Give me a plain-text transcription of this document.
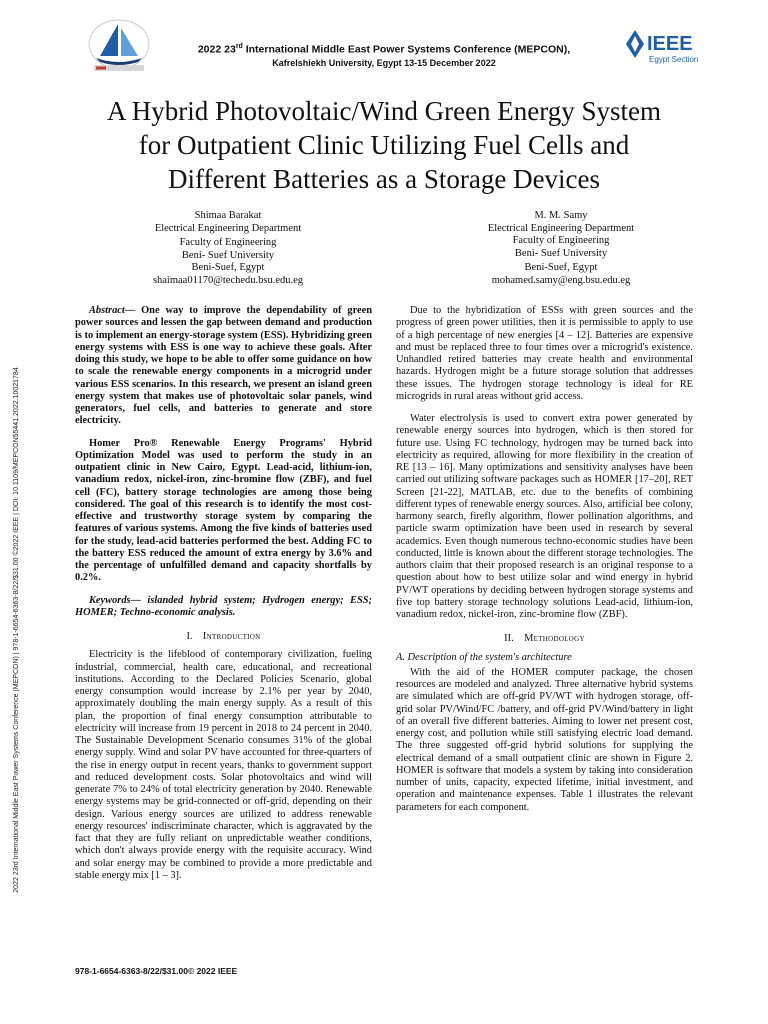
IEEE
Egypt Section
2022 23rd International Middle East Power Systems Conference (MEPCON),
Kafrelshiekh University, Egypt 13-15 December 2022
A Hybrid Photovoltaic/Wind Green Energy System
for Outpatient Clinic Utilizing Fuel Cells and
Different Batteries as a Storage Devices
Shimaa Barakat
Electrical Engineering Department
Faculty of Engineering
Beni- Suef University
Beni-Suef, Egypt
shaimaa01170@techedu.bsu.edu.eg
M. M. Samy
Electrical Engineering Department
Faculty of Engineering
Beni- Suef University
Beni-Suef, Egypt
mohamed.samy@eng.bsu.edu.eg
2022 23rd International Middle East Power Systems Conference (MEPCON) | 978-1-6654-6363-8/22/$31.00 ©2022 IEEE | DOI: 10.1109/MEPCON55441.2022.10021784

Abstract— One way to improve the dependability of green power sources and lessen the gap between demand and production is to implement an energy-storage system (ESS). Hybridizing green energy systems with ESS is one way to achieve these goals. After doing this study, we hope to be able to offer some guidance on how to scale the renewable energy components in a microgrid under various ESS scenarios. In this research, we present an island green energy system that makes use of photovoltaic solar panels, wind generators, fuel cells, and batteries to generate and store electricity.

Homer Pro® Renewable Energy Programs' Hybrid Optimization Model was used to perform the study in an outpatient clinic in New Cairo, Egypt. Lead-acid, lithium-ion, vanadium redox, nickel-iron, zinc-bromine flow (ZBF), and fuel cell (FC), battery storage technologies are among those being considered. The goal of this research is to identify the most cost-effective and trustworthy storage system by comparing the features of various systems. Among the five kinds of batteries used for the study, lead-acid batteries performed the best. Adding FC to the battery ESS reduced the amount of extra energy by 3.6% and the percentage of unfulfilled demand and capacity shortfalls by 0.2%.

Keywords— islanded hybrid system; Hydrogen energy; ESS; HOMER; Techno-economic analysis.

I. Introduction

Electricity is the lifeblood of contemporary civilization, fueling industrial, commercial, health care, educational, and recreational institutions. According to the Declared Policies Scenario, global energy consumption would increase by 2.1% per year by 2040, approximately doubling the main energy supply. As a result of this plan, the proportion of final energy consumption attributable to electricity will increase from 19 percent in 2018 to 24 percent in 2040. The Sustainable Development Scenario consumes 31% of the global energy supply. Wind and solar PV have accounted for three-quarters of the rise in energy output in recent years, thanks to government support and reduced development costs. Solar photovoltaics and wind will generate 7% to 24% of total electricity generation by 2040. Renewable energy systems may be grid-connected or off-grid, depending on their design. Various energy sources are utilized to address renewable energy resources' indiscriminate character, which is aggravated by the fact that they are fully reliant on unpredictable weather conditions, which don't always provide energy with the requisite accuracy. Wind and solar energy may be combined to provide a more predictable and stable energy mix [1 – 3].

Due to the hybridization of ESSs with green sources and the progress of green power utilities, then it is permissible to apply to use of a high percentage of new energies [4 – 12]. Batteries are expensive and must be replaced three to four times over a microgrid's existence. Unhandled retired batteries may create health and environmental hazards. Hydrogen might be a future storage solution that addresses these issues. The hydrogen storage technology is ideal for RE microgrids in rural areas without grid access.

Water electrolysis is used to convert extra power generated by renewable energy sources into hydrogen, which is then stored for future use. Using FC technology, hydrogen may be turned back into electricity as required, allowing for more flexibility in the creation of RE [13 – 16]. Many optimizations and sensitivity analyses have been carried out utilizing software packages such as HOMER [17–20], RET Screen [21-22], MATLAB, etc. due to the benefits of combining different types of renewable energy sources. Also, artificial bee colony, harmony search, firefly algorithm, flower pollination algorithms, and particle swarm optimization have been used in research by several academics. Even though numerous techno-economic studies have been conducted, little is known about the different storage technologies. The authors claim that their proposed research is an original response to a question about how to best utilize solar and wind energy in hybrid PV/WT operations by deciding between hydrogen storage systems and five top battery storage technology solutions Lead-acid, lithium-ion, vanadium redox, nickel-iron, zinc-bromine flow (ZBF).

II. Methodology
A. Description of the system's architecture

With the aid of the HOMER computer package, the chosen resources are modeled and analyzed. Three alternative hybrid systems are simulated which are off-grid PV/WT with hydrogen storage, off-grid solar PV/Wind/FC /battery, and off-grid PV/Wind/battery in light of an overall five different batteries. Aiming to lower net present cost, energy cost, and pollution while still satisfying electric load demand. The three suggested off-grid hybrid solutions for supplying the electrical demand of a small outpatient clinic are shown in Figure 2. HOMER is software that models a system by taking into consideration number of units, capacity, expected lifetime, initial investment, and operation and maintenance expenses. Table 1 illustrates the relevant parameters for each component.

978-1-6654-6363-8/22/$31.00© 2022 IEEE
